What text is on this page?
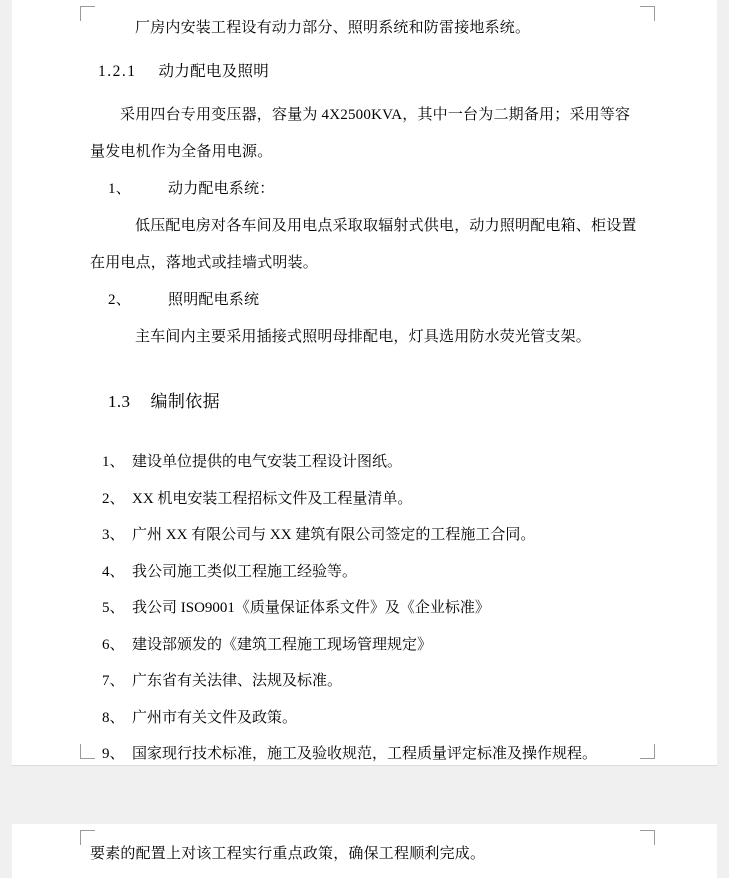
厂房内安装工程设有动力部分、照明系统和防雷接地系统。

1.2.1 动力配电及照明

采用四台专用变压器，容量为 4X2500KVA，其中一台为二期备用；采用等容量发电机作为全备用电源。

1、 动力配电系统：

低压配电房对各车间及用电点采取取辐射式供电，动力照明配电箱、柜设置在用电点，落地式或挂墙式明装。

2、 照明配电系统

主车间内主要采用插接式照明母排配电，灯具选用防水荧光管支架。

1.3 编制依据
1、 建设单位提供的电气安装工程设计图纸。
2、 XX 机电安装工程招标文件及工程量清单。
3、 广州 XX 有限公司与 XX 建筑有限公司签定的工程施工合同。
4、 我公司施工类似工程施工经验等。
5、 我公司 ISO9001《质量保证体系文件》及《企业标准》
6、 建设部颁发的《建筑工程施工现场管理规定》
7、 广东省有关法律、法规及标准。
8、 广州市有关文件及政策。
9、 国家现行技术标准，施工及验收规范，工程质量评定标准及操作规程。

要素的配置上对该工程实行重点政策，确保工程顺利完成。
